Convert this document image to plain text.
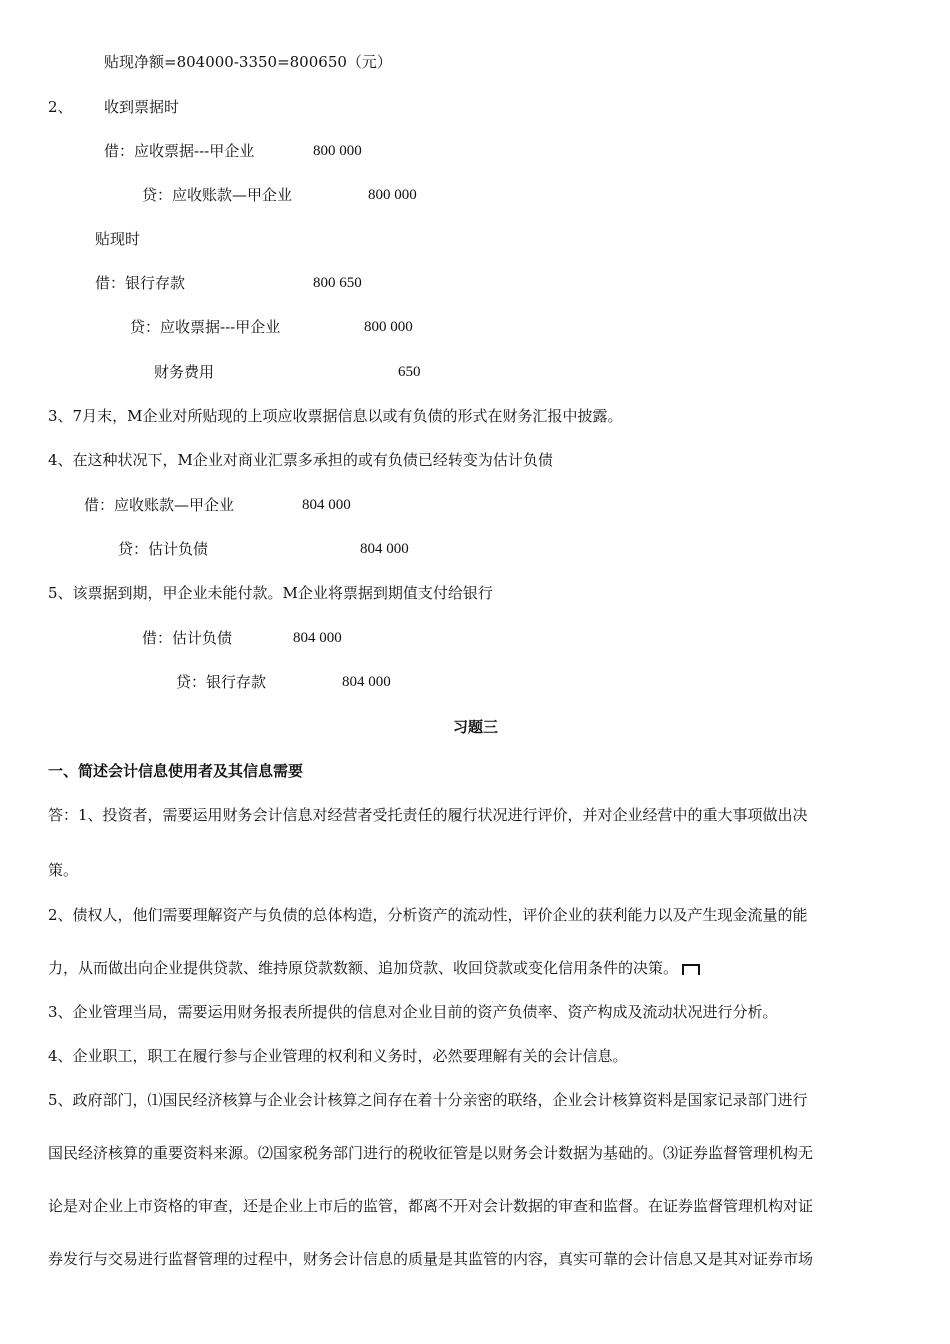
贴现净额=804000-3350=800650（元）
2、 收到票据时
借：应收票据---甲企业	800 000
贷：应收账款—甲企业	800 000
贴现时
借：银行存款	800 650
贷：应收票据---甲企业	800 000
财务费用	650
3、7月末，M企业对所贴现的上项应收票据信息以或有负债的形式在财务汇报中披露。
4、在这种状况下，M企业对商业汇票多承担的或有负债已经转变为估计负债
借：应收账款—甲企业	804 000
贷：估计负债	804 000
5、该票据到期，甲企业未能付款。M企业将票据到期值支付给银行
借：估计负债	804 000
贷：银行存款	804 000
习题三
一、简述会计信息使用者及其信息需要
答：1、投资者，需要运用财务会计信息对经营者受托责任的履行状况进行评价，并对企业经营中的重大事项做出决
策。
2、债权人，他们需要理解资产与负债的总体构造，分析资产的流动性，评价企业的获利能力以及产生现金流量的能
力，从而做出向企业提供贷款、维持原贷款数额、追加贷款、收回贷款或变化信用条件的决策。
3、企业管理当局，需要运用财务报表所提供的信息对企业目前的资产负债率、资产构成及流动状况进行分析。
4、企业职工，职工在履行参与企业管理的权利和义务时，必然要理解有关的会计信息。
5、政府部门，⑴国民经济核算与企业会计核算之间存在着十分亲密的联络，企业会计核算资料是国家记录部门进行
国民经济核算的重要资料来源。⑵国家税务部门进行的税收征管是以财务会计数据为基础的。⑶证券监督管理机构无
论是对企业上市资格的审查，还是企业上市后的监管，都离不开对会计数据的审查和监督。在证券监督管理机构对证
券发行与交易进行监督管理的过程中，财务会计信息的质量是其监管的内容，真实可靠的会计信息又是其对证券市场
